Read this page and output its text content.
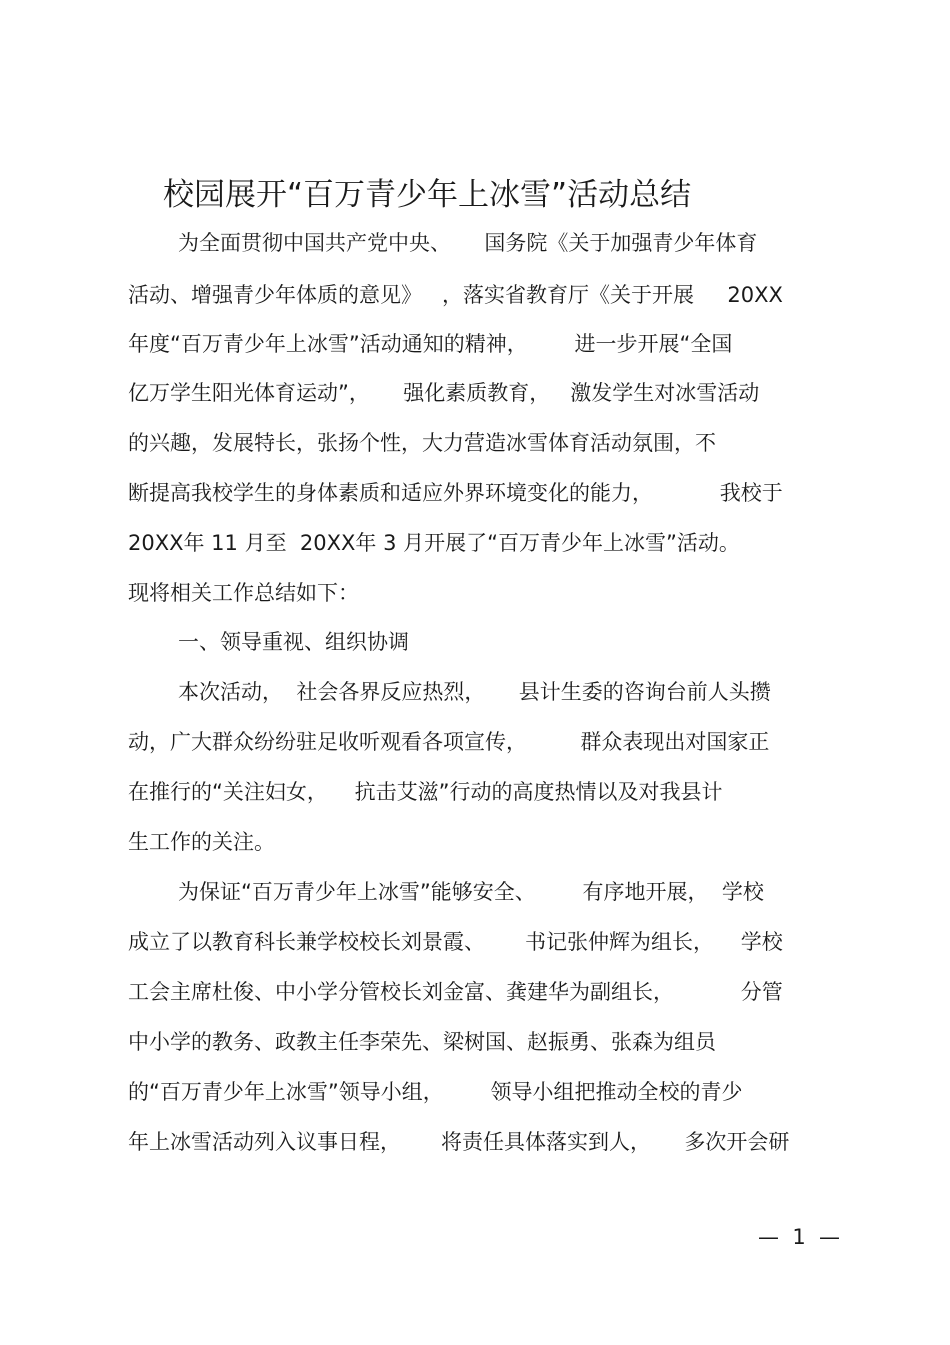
校园展开“百万青少年上冰雪”活动总结

为全面贯彻中国共产党中央、     国务院《关于加强青少年体育

活动、增强青少年体质的意见》   ，落实省教育厅《关于开展     20XX

年度“百万青少年上冰雪”活动通知的精神，       进一步开展“全国

亿万学生阳光体育运动”，     强化素质教育，   激发学生对冰雪活动

的兴趣，发展特长，张扬个性，大力营造冰雪体育活动氛围，不

断提高我校学生的身体素质和适应外界环境变化的能力，          我校于

20XX年 11 月至  20XX年 3 月开展了“百万青少年上冰雪”活动。

现将相关工作总结如下：

一、领导重视、组织协调

本次活动，  社会各界反应热烈，     县计生委的咨询台前人头攒

动，广大群众纷纷驻足收听观看各项宣传，        群众表现出对国家正

在推行的“关注妇女，    抗击艾滋”行动的高度热情以及对我县计

生工作的关注。

为保证“百万青少年上冰雪”能够安全、       有序地开展，  学校

成立了以教育科长兼学校校长刘景霞、      书记张仲辉为组长，    学校

工会主席杜俊、中小学分管校长刘金富、龚建华为副组长，          分管

中小学的教务、政教主任李荣先、梁树国、赵振勇、张森为组员

的“百万青少年上冰雪”领导小组，       领导小组把推动全校的青少

年上冰雪活动列入议事日程，      将责任具体落实到人，     多次开会研

—  1  —
